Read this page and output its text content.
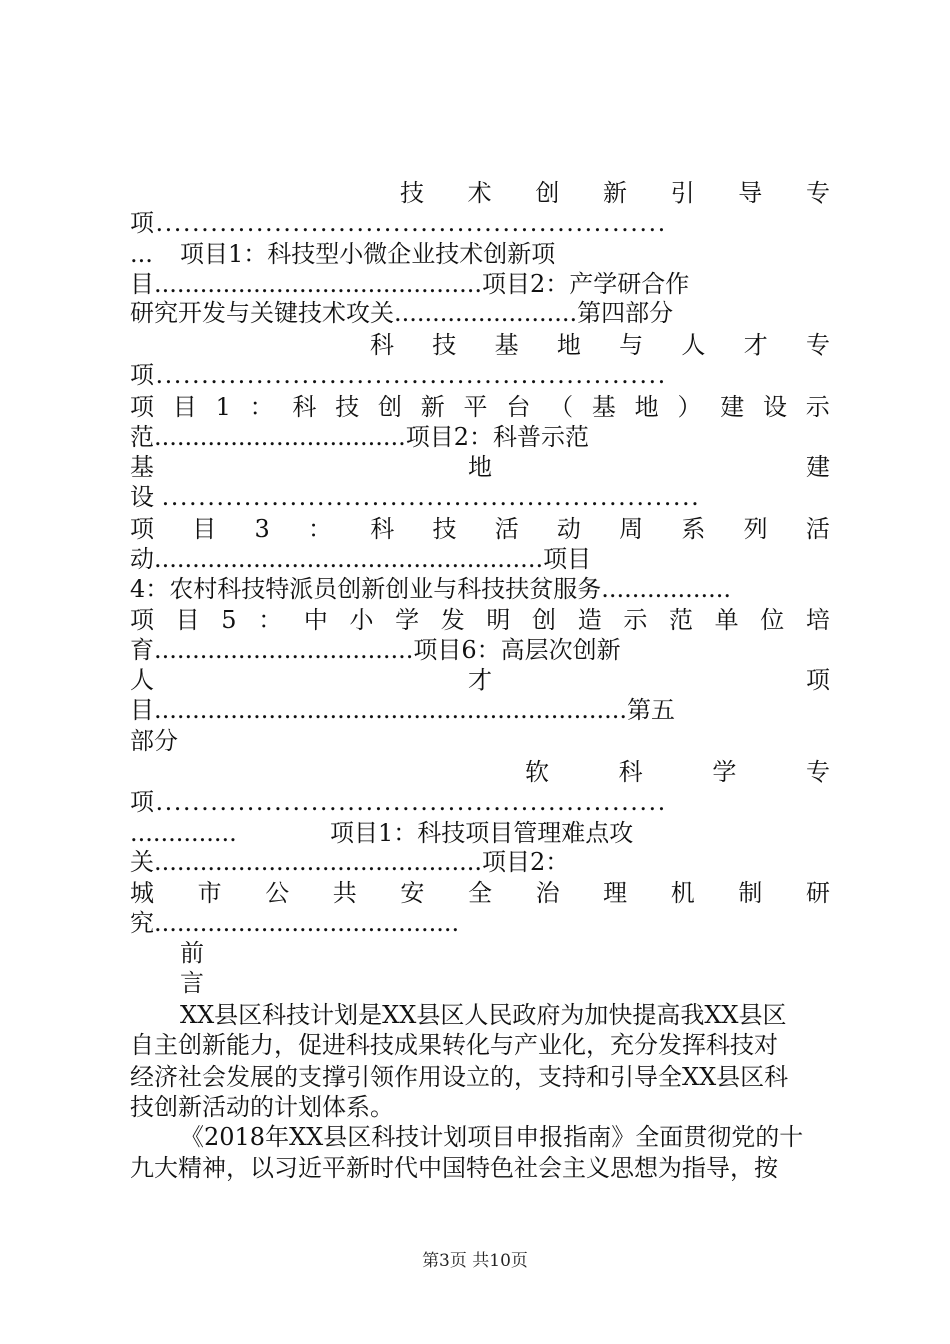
技 术 创 新 引 导 专
项........................................................
... 项目1：科技型小微企业技术创新项
目...........................................项目2：产学研合作
研究开发与关键技术攻关........................第四部分
科 技 基 地 与 人 才 专
项........................................................
项 目 1 ： 科 技 创 新 平 台 （ 基 地 ） 建 设 示
范.................................项目2：科普示范
基	地	建
设 ...........................................................
项 目 3 ： 科 技 活 动 周 系 列 活
动...................................................项目
4：农村科技特派员创新创业与科技扶贫服务.................
项 目 5 ： 中 小 学 发 明 创 造 示 范 单 位 培
育..................................项目6：高层次创新
人	才	项
目..............................................................第五
部分
软	科	学	专
项........................................................
..............	项目1：科技项目管理难点攻
关...........................................项目2：
城 市 公 共 安 全 治 理 机 制 研
究........................................
前
言
XX县区科技计划是XX县区人民政府为加快提高我XX县区
自主创新能力，促进科技成果转化与产业化，充分发挥科技对
经济社会发展的支撑引领作用设立的，支持和引导全XX县区科
技创新活动的计划体系。
《2018年XX县区科技计划项目申报指南》全面贯彻党的十
九大精神，以习近平新时代中国特色社会主义思想为指导，按
第3页 共10页
